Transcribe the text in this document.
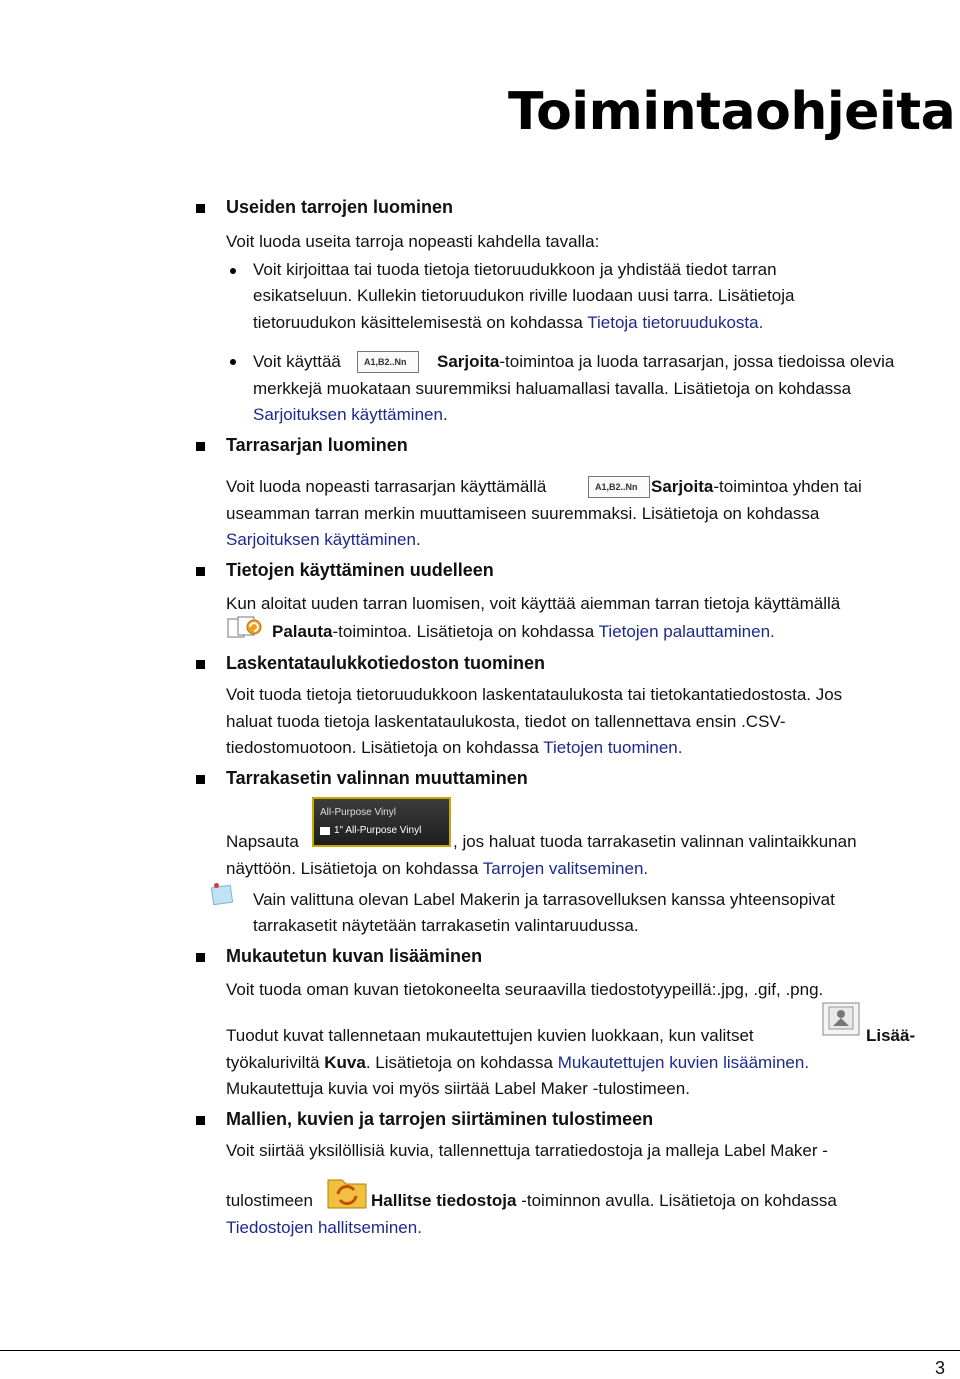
Toimintaohjeita
Useiden tarrojen luominen
Voit luoda useita tarroja nopeasti kahdella tavalla:
Voit kirjoittaa tai tuoda tietoja tietoruudukkoon ja yhdistää tiedot tarran
esikatseluun. Kullekin tietoruudukon riville luodaan uusi tarra. Lisätietoja
tietoruudukon käsittelemisestä on kohdassa Tietoja tietoruudukosta.
Voit käyttää	A1,B2..Nn	Sarjoita-toimintoa ja luoda tarrasarjan, jossa tiedoissa olevia
merkkejä muokataan suuremmiksi haluamallasi tavalla. Lisätietoja on kohdassa
Sarjoituksen käyttäminen.
Tarrasarjan luominen
Voit luoda nopeasti tarrasarjan käyttämällä	A1,B2..Nn Sarjoita-toimintoa yhden tai
useamman tarran merkin muuttamiseen suuremmaksi. Lisätietoja on kohdassa
Sarjoituksen käyttäminen.
Tietojen käyttäminen uudelleen
Kun aloitat uuden tarran luomisen, voit käyttää aiemman tarran tietoja käyttämällä
Palauta-toimintoa. Lisätietoja on kohdassa Tietojen palauttaminen.
Laskentataulukkotiedoston tuominen
Voit tuoda tietoja tietoruudukkoon laskentataulukosta tai tietokantatiedostosta. Jos
haluat tuoda tietoja laskentataulukosta, tiedot on tallennettava ensin .CSV-
tiedostomuotoon. Lisätietoja on kohdassa Tietojen tuominen.
Tarrakasetin valinnan muuttaminen
All-Purpose Vinyl
1" All-Purpose Vinyl
Napsauta	, jos haluat tuoda tarrakasetin valinnan valintaikkunan
näyttöön. Lisätietoja on kohdassa Tarrojen valitseminen.
Vain valittuna olevan Label Makerin ja tarrasovelluksen kanssa yhteensopivat
tarrakasetit näytetään tarrakasetin valintaruudussa.
Mukautetun kuvan lisääminen
Voit tuoda oman kuvan tietokoneelta seuraavilla tiedostotyypeillä:.jpg, .gif, .png.
Tuodut kuvat tallennetaan mukautettujen kuvien luokkaan, kun valitset	Lisää-
työkaluriviltä Kuva. Lisätietoja on kohdassa Mukautettujen kuvien lisääminen.
Mukautettuja kuvia voi myös siirtää Label Maker -tulostimeen.
Mallien, kuvien ja tarrojen siirtäminen tulostimeen
Voit siirtää yksilöllisiä kuvia, tallennettuja tarratiedostoja ja malleja Label Maker -
tulostimeen	Hallitse tiedostoja -toiminnon avulla. Lisätietoja on kohdassa
Tiedostojen hallitseminen.
3
